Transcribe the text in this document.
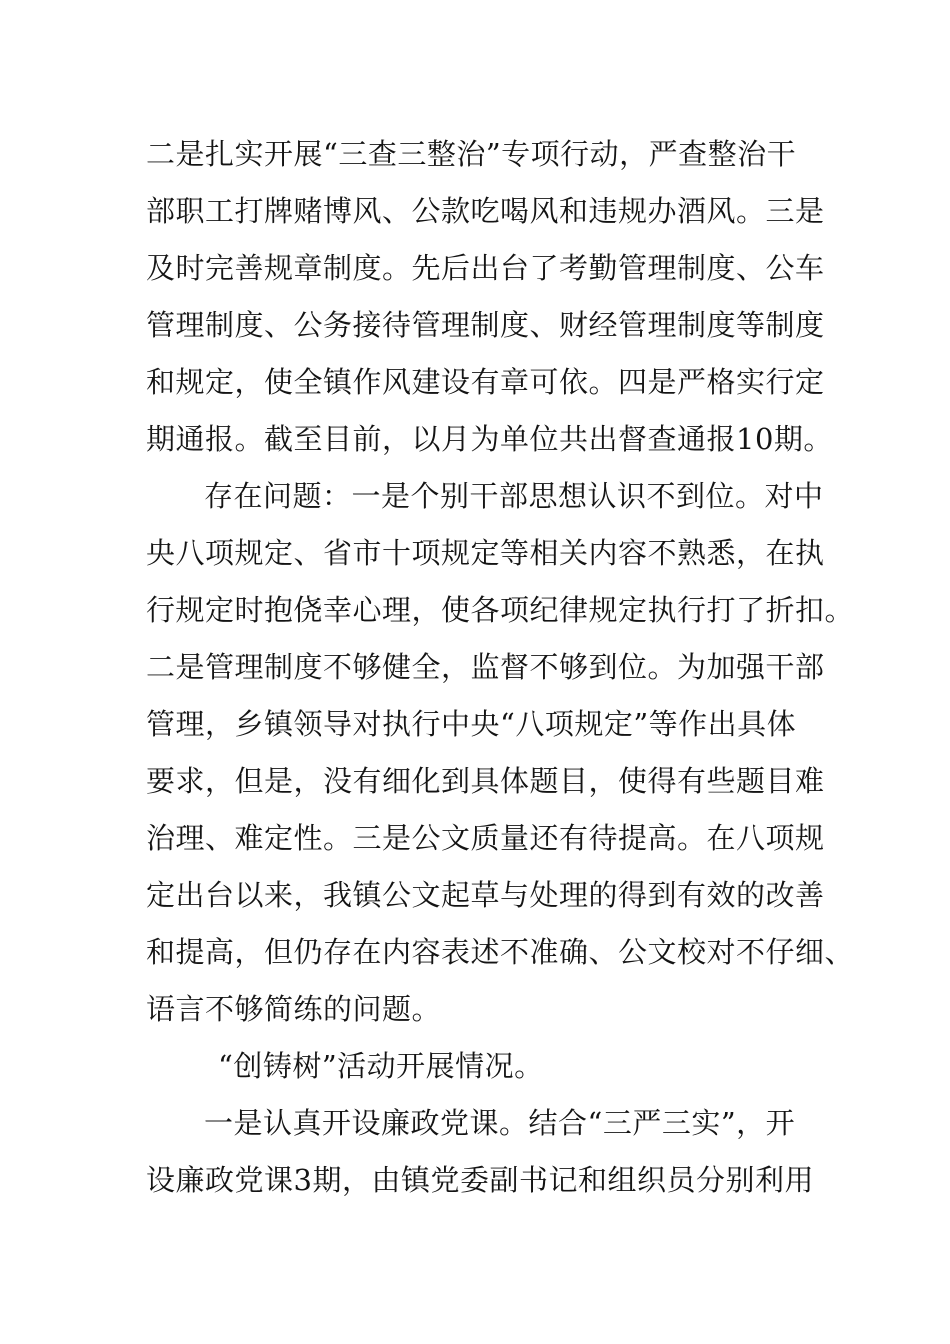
二是扎实开展“三查三整治”专项行动，严查整治干
部职工打牌赌博风、公款吃喝风和违规办酒风。三是
及时完善规章制度。先后出台了考勤管理制度、公车
管理制度、公务接待管理制度、财经管理制度等制度
和规定，使全镇作风建设有章可依。四是严格实行定
期通报。截至目前，以月为单位共出督查通报10期。
存在问题：一是个别干部思想认识不到位。对中
央八项规定、省市十项规定等相关内容不熟悉，在执
行规定时抱侥幸心理，使各项纪律规定执行打了折扣。
二是管理制度不够健全，监督不够到位。为加强干部
管理，乡镇领导对执行中央“八项规定”等作出具体
要求，但是，没有细化到具体题目，使得有些题目难
治理、难定性。三是公文质量还有待提高。在八项规
定出台以来，我镇公文起草与处理的得到有效的改善
和提高，但仍存在内容表述不准确、公文校对不仔细、
语言不够简练的问题。
“创铸树”活动开展情况。
一是认真开设廉政党课。结合“三严三实”，开
设廉政党课3期，由镇党委副书记和组织员分别利用
